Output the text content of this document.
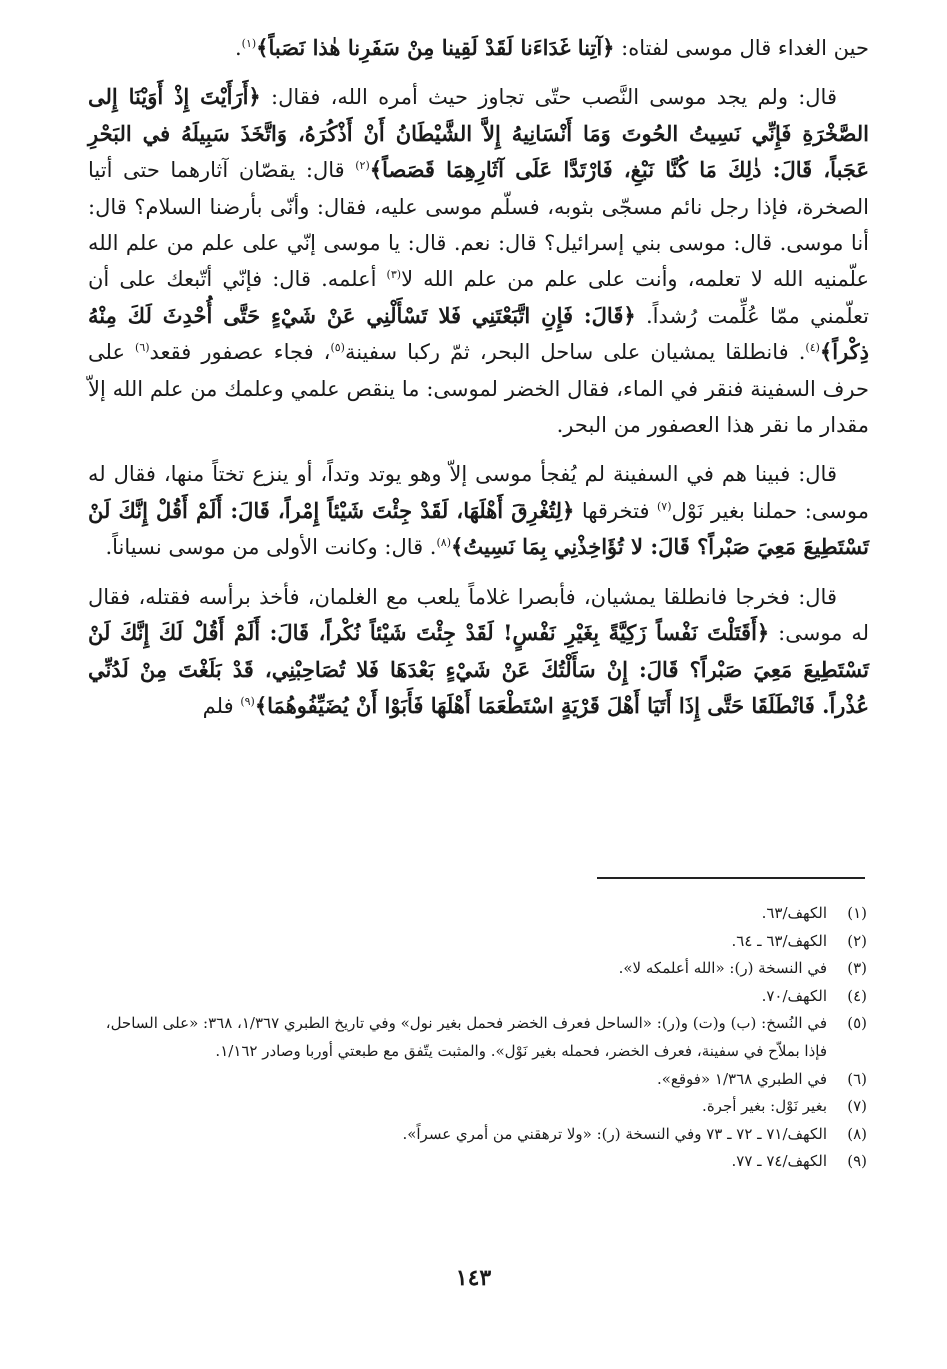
حين الغداء قال موسى لفتاه: ﴿آتِنا غَدَاءَنا لَقَدْ لَقِينا مِنْ سَفَرِنا هٰذا نَصَباً﴾$^{(١)}$.

قال: ولم يجد موسى النَّصب حتّى تجاوز حيث أمره الله، فقال: ﴿أَرَأَيْتَ إِذْ أَوَيْنَا إِلى الصَّخْرَةِ فَإِنِّي نَسِيتُ الحُوتَ وَمَا أَنْسَانِيهُ إِلاَّ الشَّيْطَانُ أَنْ أَذْكُرَهُ، وَاتَّخَذَ سَبِيلَهُ في البَحْرِ عَجَباً، قَالَ: ذٰلِكَ مَا كُنَّا نَبْغِ، فَارْتَدَّا عَلَى آثَارِهِمَا قَصَصاً﴾$^{(٢)}$ قال: يقصّان آثارهما حتى أتيا الصخرة، فإذا رجل نائم مسجّى بثوبه، فسلّم موسى عليه، فقال: وأنّى بأرضنا السلام؟ قال: أنا موسى. قال: موسى بني إسرائيل؟ قال: نعم. قال: يا موسى إنّي على علم من علم الله علّمنيه الله لا تعلمه، وأنت على علم من علم الله لا$^{(٣)}$ أعلمه. قال: فإنّي أتّبعك على أن تعلّمني ممّا عُلِّمت رُشداً. ﴿قَالَ: فَإِنِ اتَّبَعْتَنِي فَلا تَسْأَلْنِي عَنْ شَيْءٍ حَتَّى أُحْدِثَ لَكَ مِنْهُ ذِكْراً﴾$^{(٤)}$. فانطلقا يمشيان على ساحل البحر، ثمّ ركبا سفينة$^{(٥)}$، فجاء عصفور فقعد$^{(٦)}$ على حرف السفينة فنقر في الماء، فقال الخضر لموسى: ما ينقص علمي وعلمك من علم الله إلاّ مقدار ما نقر هذا العصفور من البحر.

قال: فبينا هم في السفينة لم يُفجأ موسى إلاّ وهو يوتد وتداً، أو ينزع تختاً منها، فقال له موسى: حملنا بغير نَوْل$^{(٧)}$ فتخرقها ﴿لِتُغْرِقَ أَهْلَهَا، لَقَدْ جِئْتَ شَيْئاً إِمْراً، قَالَ: أَلَمْ أَقُلْ إِنَّكَ لَنْ تَسْتَطِيعَ مَعِيَ صَبْراً؟ قَالَ: لا تُؤَاخِذْنِي بِمَا نَسِيتُ﴾$^{(٨)}$. قال: وكانت الأولى من موسى نسياناً.

قال: فخرجا فانطلقا يمشيان، فأبصرا غلاماً يلعب مع الغلمان، فأخذ برأسه فقتله، فقال له موسى: ﴿أَقَتَلْتَ نَفْساً زَكِيَّةً بِغَيْرِ نَفْسٍ! لَقَدْ جِئْتَ شَيْئاً نُكْراً، قَالَ: أَلَمْ أَقُلْ لَكَ إِنَّكَ لَنْ تَسْتَطِيعَ مَعِيَ صَبْراً؟ قَالَ: إِنْ سَأَلْتُكَ عَنْ شَيْءٍ بَعْدَهَا فَلا تُصَاحِبْنِي، قَدْ بَلَغْتَ مِنْ لَدُنِّي عُذْراً. فَانْطَلَقَا حَتَّى إِذَا أَتَيَا أَهْلَ قَرْيَةٍ اسْتَطْعَمَا أَهْلَهَا فَأَبَوْا أَنْ يُضَيِّفُوهُمَا﴾$^{(٩)}$ فلم

(١)
الكهف/٦٣.
(٢)
الكهف/٦٣ ـ ٦٤.
(٣)
في النسخة (ر): «الله أعلمكه لا».
(٤)
الكهف/٧٠.
(٥)
في النُسخ: (ب) و(ت) و(ر): «الساحل فعرف الخضر فحمل بغير نول» وفي تاريخ الطبري ١/٣٦٧، ٣٦٨: «على الساحل، فإذا بملاّح في سفينة، فعرف الخضر، فحمله بغير نَوْل». والمثبت يتّفق مع طبعتي أوربا وصادر ١/١٦٢.
(٦)
في الطبري ١/٣٦٨ «فوقع».
(٧)
بغير نَوْل: بغير أجرة.
(٨)
الكهف/٧١ ـ ٧٢ ـ ٧٣ وفي النسخة (ر): «ولا ترهقني من أمري عسراً».
(٩)
الكهف/٧٤ ـ ٧٧.
١٤٣
